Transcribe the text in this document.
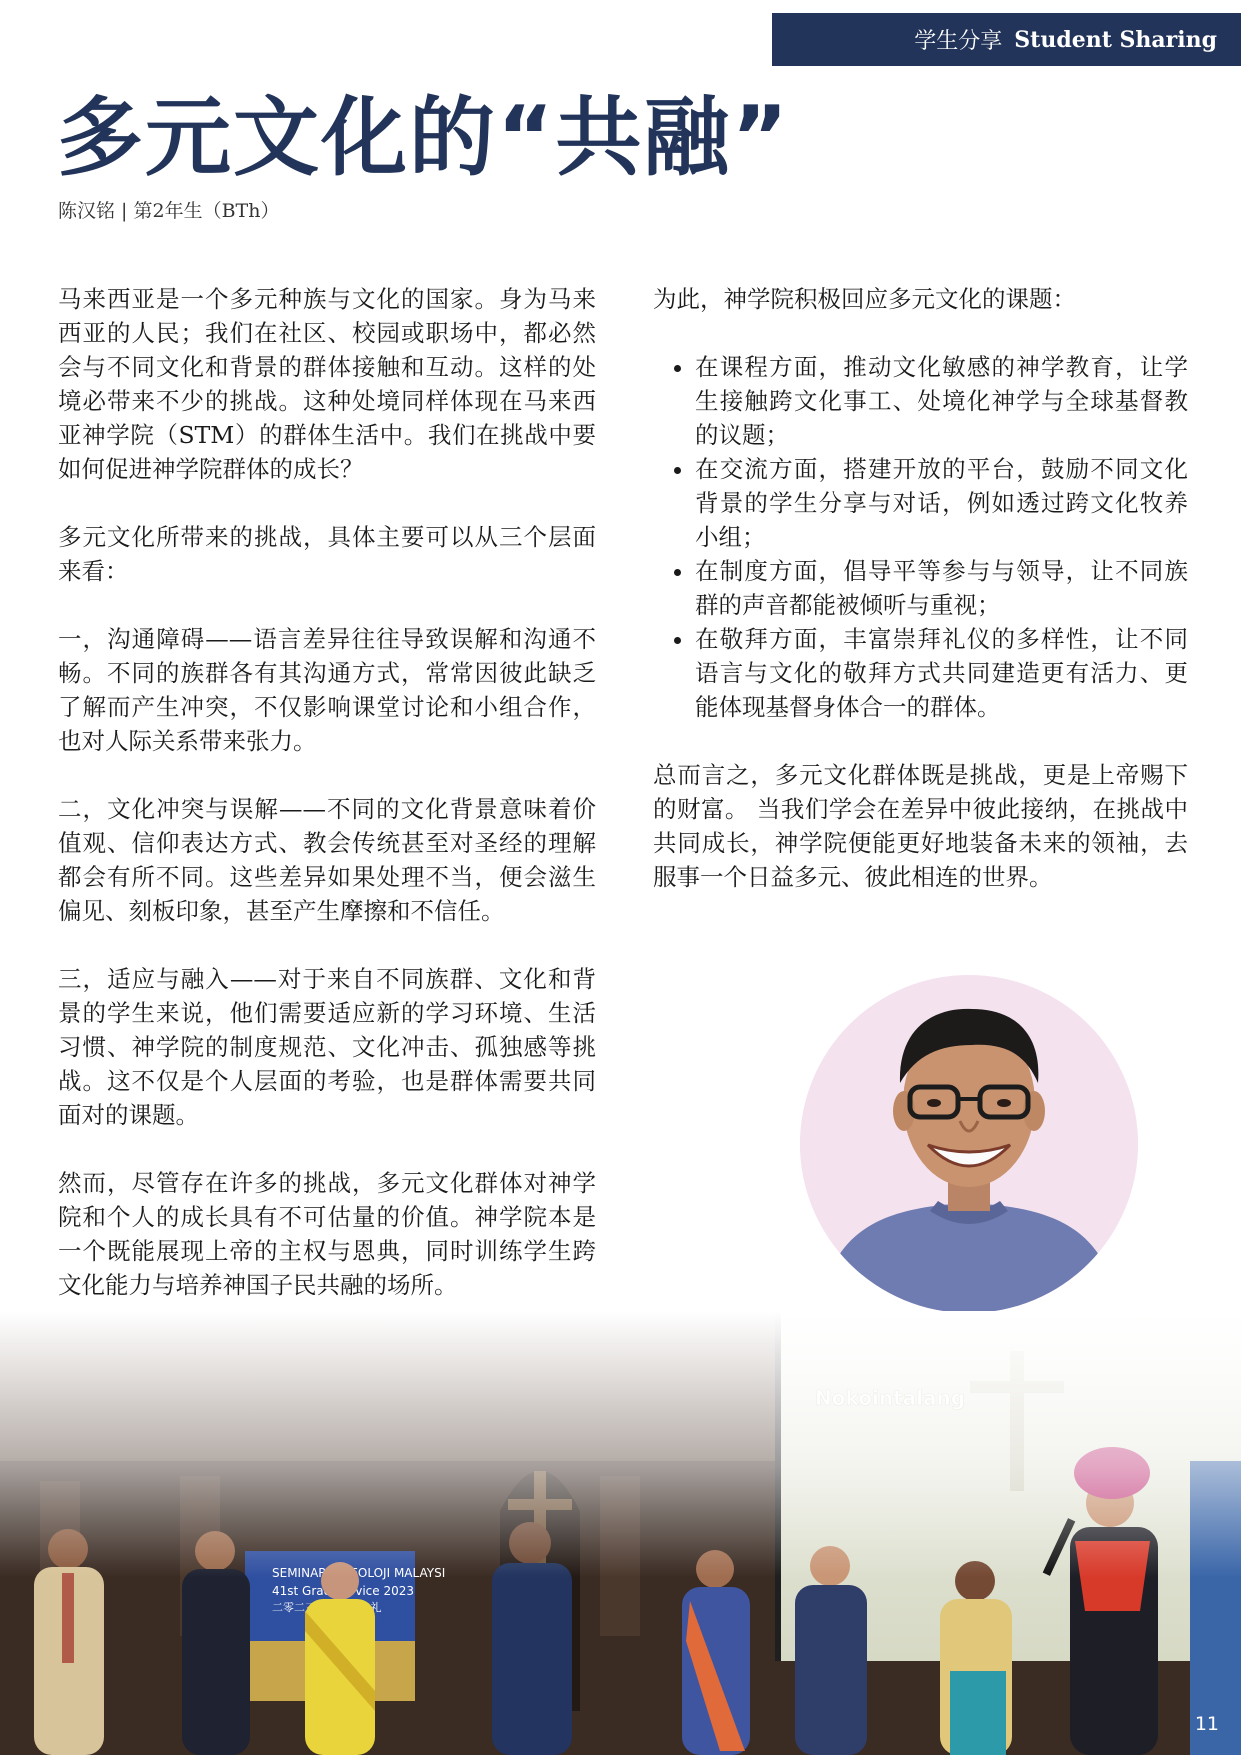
学生分享 Student Sharing
多元文化的“共融”
陈汉铭 | 第2年生（BTh）

马来西亚是一个多元种族与文化的国家。身为马来西亚的人民；我们在社区、校园或职场中，都必然会与不同文化和背景的群体接触和互动。这样的处境必带来不少的挑战。这种处境同样体现在马来西亚神学院（STM）的群体生活中。我们在挑战中要如何促进神学院群体的成长？

多元文化所带来的挑战，具体主要可以从三个层面来看：

一，沟通障碍——语言差异往往导致误解和沟通不畅。不同的族群各有其沟通方式，常常因彼此缺乏了解而产生冲突，不仅影响课堂讨论和小组合作，也对人际关系带来张力。

二，文化冲突与误解——不同的文化背景意味着价值观、信仰表达方式、教会传统甚至对圣经的理解都会有所不同。这些差异如果处理不当，便会滋生偏见、刻板印象，甚至产生摩擦和不信任。

三，适应与融入——对于来自不同族群、文化和背景的学生来说，他们需要适应新的学习环境、生活习惯、神学院的制度规范、文化冲击、孤独感等挑战。这不仅是个人层面的考验，也是群体需要共同面对的课题。

然而，尽管存在许多的挑战，多元文化群体对神学院和个人的成长具有不可估量的价值。神学院本是一个既能展现上帝的主权与恩典，同时训练学生跨文化能力与培养神国子民共融的场所。

为此，神学院积极回应多元文化的课题：

• 在课程方面，推动文化敏感的神学教育，让学生接触跨文化事工、处境化神学与全球基督教的议题；
• 在交流方面，搭建开放的平台，鼓励不同文化背景的学生分享与对话，例如透过跨文化牧养小组；
• 在制度方面，倡导平等参与与领导，让不同族群的声音都能被倾听与重视；
• 在敬拜方面，丰富崇拜礼仪的多样性，让不同语言与文化的敬拜方式共同建造更有活力、更能体现基督身体合一的群体。

总而言之，多元文化群体既是挑战，更是上帝赐下的财富。 当我们学会在差异中彼此接纳，在挑战中共同成长，神学院便能更好地装备未来的领袖，去服事一个日益多元、彼此相连的世界。

11
